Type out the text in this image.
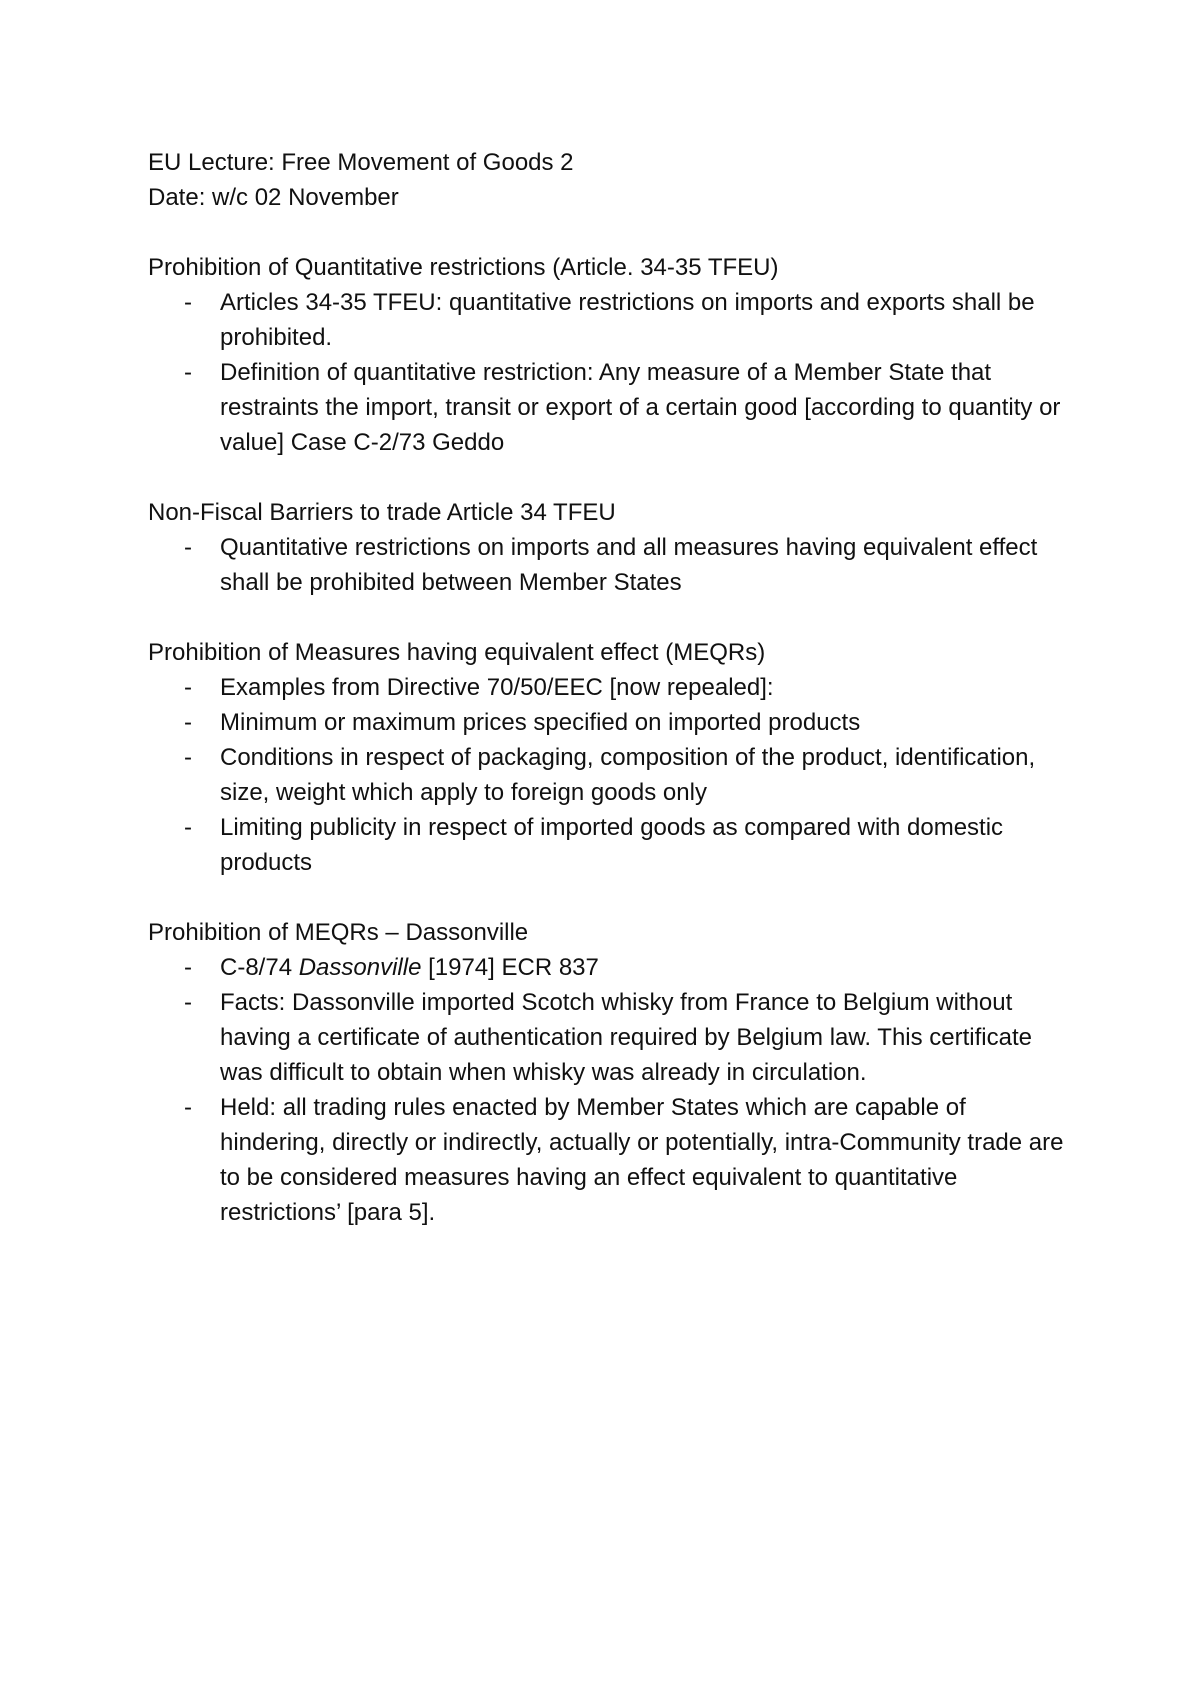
EU Lecture: Free Movement of Goods 2

Date: w/c 02 November

Prohibition of Quantitative restrictions (Article. 34-35 TFEU)

- Articles 34-35 TFEU: quantitative restrictions on imports and exports shall be prohibited.
- Definition of quantitative restriction: Any measure of a Member State that restraints the import, transit or export of a certain good [according to quantity or value] Case C-2/73 Geddo

Non-Fiscal Barriers to trade Article 34 TFEU

- Quantitative restrictions on imports and all measures having equivalent effect shall be prohibited between Member States

Prohibition of Measures having equivalent effect (MEQRs)

- Examples from Directive 70/50/EEC [now repealed]:
- Minimum or maximum prices specified on imported products
- Conditions in respect of packaging, composition of the product, identification, size, weight which apply to foreign goods only
- Limiting publicity in respect of imported goods as compared with domestic products

Prohibition of MEQRs – Dassonville

- C-8/74 Dassonville [1974] ECR 837
- Facts: Dassonville imported Scotch whisky from France to Belgium without having a certificate of authentication required by Belgium law. This certificate was difficult to obtain when whisky was already in circulation.
- Held: all trading rules enacted by Member States which are capable of hindering, directly or indirectly, actually or potentially, intra-Community trade are to be considered measures having an effect equivalent to quantitative restrictions’ [para 5].
